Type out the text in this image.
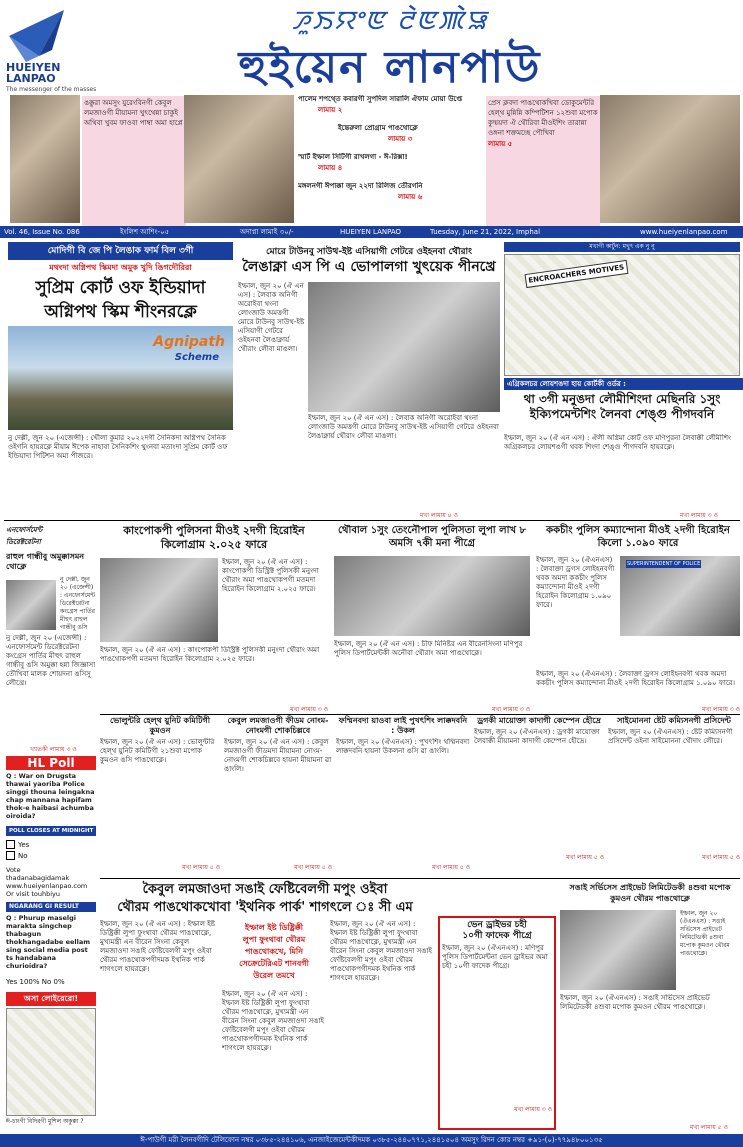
HUEIYEN
LANPAO
The messenger of the masses
ꯍꯨꯏꯌꯦꯟ ꯂꯥꯟꯄꯥꯎ
হুইয়েন লানপাউ
ঙক্কুরা অমসুং যুরেংবিনগী কেবুল লমজাওগী মীয়ামনা খুৎথেন্না চাকুই অথিবা খুবম ফাওবা পাম্বা অমা হাপ্লে
পালেম শপথ্তে কবারগী সুপদিল সারালি ঐফাম মোয়া উপ্তে
লামায় ২
ইন্তেরুলা প্রোগ্রাম পাঙথোক্লে
লামায় ৩
স্মার্ট ইম্ফাল সিটিগী রাখলগা - ঈ-রিক্সা!
লামায় ৪
মঙ্গলনগী ঈপাক্কা জুন ২২দা রিলিজ তৌরগনি
লামায় ৬
প্রেস ক্লবদা পাঙথোকখিবা ডোকুমেন্টরি হেল্থ মুন্নিন্নি কম্পিটিশন ১২শুবা মপোক কুম্ময়দা ঐ থৌরিবা মীওইশিং তারান্না ওঙ্গনা শক্তমচ্ছে পৌখিবা
লামায় ৫
Vol. 46, Issue No. 086	ইংলিশ আশিং-০৫	অদাপ্না লামাই ৩০/-	HUEIYEN LANPAO	Tuesday, June 21, 2022, Imphal	www.hueiyenlanpao.com
মোদিগী বি জে পি লৈঙাক ফার্ম বিল ৩গী
মথংদা অগ্নিপথ স্কিমদা অমুক খুদি ঙিগদৌরিরা
সুপ্রিম কোর্ট ওফ ইন্ডিয়াদা অগ্নিপথ স্কিম শীংনরক্লে
Agnipath
Scheme
নু দেল্লী, জুন ২০ (এজেন্সী) : খৌলা কুমার ২০২২দগী সৈনিকদা অগ্নিপথ সৈনিক ওইগনি হায়রক্লে মীয়াম ঈপেক নাহাবা সৈনিকশিং থুংনবা মতাংদা সুপ্রিম কোর্ট ওফ ইন্ডিয়াদা পিটিশন অমা পীজরে।
মোরে টাউনবু সাউথ-ইষ্ট এসিয়াগী গেটরে ওইহনবা থৌরাং
লৈঙাক্না এস পি এ ভোপালগা খুৎয়েক পীনখ্রে
ইম্ফাল, জুন ২০ (ঐ এন এস) : লৈবাক অনিগী অরোইবা থংনা লোংজাউ অমত্তগী মোরে টাউনবু সাউথ-ইষ্ট এসিয়াগী গেটরে ওইহনবা লৈঙাক্নার্য় থৌরাং লৌবা মাঙলা।
ইম্ফাল, জুন ২০ (ঐ এন এস) : লৈবাক অনিগী অরোইবা থংনা লোংজাউ অমত্তগী মোরে টাউনবু সাউথ-ইষ্ট এসিয়াগী গেটরে ওইহনবা লৈঙাক্নার্য় থৌরাং লৌবা মাঙলা।
মখা লামায় ৪ ও
মখাগী কার্টুন: মখুৎ এক নু নু
ENCROACHERS MOTIVES
এগ্রিকলচর লোয়শঙদা হায় কোর্টকী ওর্ডর :
থা ৩গী মনুঙদা লৌমীশিংদা মেছিনরি ১সুং ইক্যিপমেন্টশিং লৈনবা শেঙ্গু পীগদবনি
ইম্ফাল, জুন ২০ (ঐ এন এস) : ঐলী অগ্নিমা কোর্ট ওফ মণিপুরনা লৈবাক্কী লৌমীশিং অগ্রিকলচর লোয়শঙগী থবক শিংদা শেঙ্গু পীগদবনি হায়রক্লে।
মখা লামায় ৩ ও
এনফোর্সমেন্ট
ডিরেক্টরেটনা
রাহুল গান্ধীবু অমুক্কাসমন থোক্লে
নু দেল্লী, জুন ২০ (এজেন্সী) : এনফোর্সমেন্ট ডিরেক্টরেটনা কংগ্রেস পার্তির মীহুৎ রাহুল গান্ধীবু ঙসি
নু দেল্লী, জুন ২০ (এজেন্সী) : এনফোর্সমেন্ট ডিরেক্টরেটনা কংগ্রেস পার্তির মীহুৎ রাহুল গান্ধীবু ঙসি অমুক্কা হন্না জিজ্ঞাসা তৌখিবা মালক শোয়দনা ঙসিসু লৌখ্রে।
খ্যাতকী লামায় ৩ ও
HL Poll
Q : War on Drugsta thawai yaoriba Police singgi thouna leingakna chap mannana hapifam thok-e haibasi achumba oiroida?
POLL CLOSES AT MIDNIGHT
Yes
No
Vote
thadanabagidamak
www.hueiyenlanpao.com
Or visit touhbiyu
NGARANG GI RESULT
Q : Phurup maselgi marakta singchep thabagun thokhangadabe eellam sing social media post ts handabana churioidra?
Yes 100% No 0%
অসা লোইরেরো!
ঈ-চাংগী বিদিরগী মুশিল অকুক্কা ?
কাংপোকপী পুলিসনা মীওই ২দগী হিরোইন কিলোগ্রাম ২.০২৫ ফারে
ইম্ফাল, জুন ২০ (ঐ এন এস) : কাংপোকপী ডিস্ট্রিক্ট পুলিসকী মনুংদা থৌরাং অমা পাঙথোকপগী মতমদা হিরোইন কিলোগ্রাম ২.০২৫ ফারে।
ইম্ফাল, জুন ২০ (ঐ এন এস) : কাংপোকপী ডিস্ট্রিক্ট পুলিসকী মনুংদা থৌরাং অমা পাঙথোকপগী মতমদা হিরোইন কিলোগ্রাম ২.০২৫ ফারে।
মখা লামায় ৩ ও
থৌবাল ১সুং তেংনৌপাল পুলিসতা লুপা লাখ ৮ অমসি ৭কী মনা পীগ্রে
ইম্ফাল, জুন ২০ (ঐ এন এস) : চীফ মিনিষ্টর এন বীরেনসিংনা মণিপুর পুলিস ডিপার্টমেন্টকী অনৌবা থৌরাং অমা পাঙথোক্লে।
মখা লামায় ৩ ও
ককচীং পুলিস কম্যান্দোনা মীওই ২দগী হিরোইন কিলো ১.০৯০ ফারে
ইম্ফাল, জুন ২০ (ঐএনএস) : লৈবাক্তা ড্রগস লোইহনবগী থবক অমদা ককচীং পুলিস কম্যান্দোনা মীওই ২দগী হিরোইন কিলোগ্রাম ১.০৯০ ফারে।
SUPERINTENDENT OF POLICE
ইম্ফাল, জুন ২০ (ঐএনএস) : লৈবাক্তা ড্রগস লোইহনবগী থবক অমদা ককচীং পুলিস কম্যান্দোনা মীওই ২দগী হিরোইন কিলোগ্রাম ১.০৯০ ফারে।
মখা লামায় ৩ ও
ভোলুন্টরি হেল্থ য়ুনিট কমিটিগী কুমওন
ইম্ফাল, জুন ২০ (ঐ এন এস) : ভোলুন্টরি হেল্থ য়ুনিট কমিটিগী ২১শুবা মপোক কুমওন ঙসি পাঙথোক্লে।
মখা লামায় ৫ ও
কেবুল লমজাওগী ফীডম নোংম-নোংমগী শোকচিল্লবে
ইম্ফাল, জুন ২০ (ঐ এন এস) : কেবুল লমজাওগী ফীডমদা মীয়ামনা নোংম-নোংমগী শোকচিল্লবে হায়না মীয়ামনা ৱা ঙাংলি।
মখা লামায় ৫ ও
ফম্মিনবদা য়াওবা লাই পুখৎশিং লাক্কদবনি : উকল
ইম্ফাল, জুন ২০ (ঐএনএস) : পুখৎশিং থম্মিনবদা লাক্কদবনি হায়না উকলনা ঙসি ৱা ঙাংলি।
মখা লামায় ৫ ও
ড্রগকী মায়োক্তা কাদাগী কেম্পেন হৌদ্রে
ইম্ফাল, জুন ২০ (ঐএনএস) : ড্রগকী মায়োক্তা লৈবাক্কী মীয়ামনা কাদাগী কেম্পেন হৌদ্রে।
মখা লামায় ৫ ও
সাইমোননা ষ্টেট কম্যিসনগী প্রসিদেন্ট
ইম্ফাল, জুন ২০ (ঐএনএস) : ষ্টেট কম্যিসনগী প্রসিদেন্ট ওইনা সাইমোননা থৌদাং লৌরে।
মখা লামায় ৫ ও
কৈবুল লমজাওদা সঙাই ফেষ্টিবেলগী মপুং ওইবা
থৌরম পাঙথোকখোবা 'ইথনিক পার্ক' শাগৎলে ঃ সী এম
ইম্ফাল, জুন ২০ (ঐ এন এস) : ইম্ফাল ইষ্ট ডিষ্ট্রিক্কী লুপা ফুংথাবা থৌরম পাঙথোক্লে, মুখ্যমন্ত্রী এন বীরেন সিংনা কেবুল লমজাওদা সঙাই ফেষ্টিবেলগী মপুং ওইবা থৌরম পাঙথোকপগীদমক ইথনিক পার্ক শাগৎলে হায়রক্লে।
ইম্ফাল ইষ্ট ডিষ্ট্রিক্কী
লুপা ফুংথাবা থৌরম
পাঙথোকখে, মিনি
সেক্রেটেরিএট শানবগী
উরেল তমখে
ইম্ফাল, জুন ২০ (ঐ এন এস) : ইম্ফাল ইষ্ট ডিষ্ট্রিক্কী লুপা ফুংথাবা থৌরম পাঙথোক্লে, মুখ্যমন্ত্রী এন বীরেন সিংনা কেবুল লমজাওদা সঙাই ফেষ্টিবেলগী মপুং ওইবা থৌরম পাঙথোকপগীদমক ইথনিক পার্ক শাগৎলে হায়রক্লে।
ইম্ফাল, জুন ২০ (ঐ এন এস) : ইম্ফাল ইষ্ট ডিষ্ট্রিক্কী লুপা ফুংথাবা থৌরম পাঙথোক্লে, মুখ্যমন্ত্রী এন বীরেন সিংনা কেবুল লমজাওদা সঙাই ফেষ্টিবেলগী মপুং ওইবা থৌরম পাঙথোকপগীদমক ইথনিক পার্ক শাগৎলে হায়রক্লে।
ভেন ড্রাইভর চহী
১০গী ফাদেক পীগ্রে
ইম্ফাল, জুন ২০ (ঐএনএস) : মণিপুর পুলিস ডিপার্টমেন্টনা ভেন ড্রাইভর অমা চহী ১০গী ফাদেক পীগ্রে।
মখা লামায় ৩ ও
সঙাই সর্ভিসেস প্রাইভেট লিমিটেডকী ৪শুবা মপোক কুমওন থৌরম পাঙথোক্লে
ইম্ফাল, জুন ২০ (ঐএনএস) : সঙাই সর্ভিসেস প্রাইভেট লিমিটেডকী ৪শুবা মপোক কুমওন থৌরম পাঙথোক্লে।
ইম্ফাল, জুন ২০ (ঐএনএস) : সঙাই সর্ভিসেস প্রাইভেট লিমিটেডকী ৪শুবা মপোক কুমওন থৌরম পাঙথোক্লে।
মখা লামায় ৫ ও
ঈ-পাউগী মরী লৈনবগীদি টেলিফোন নম্বর ০৩৮৫-২৪৪১০৬, এনজাইজেমেন্টকীদমক ০৩৮৫-২৪৪০৭৭১,২৪৪১৫০৪ অমসুং রিদন কোর নম্বর +৯১-(০)-৭৭৯৪৮০০১৩৫
